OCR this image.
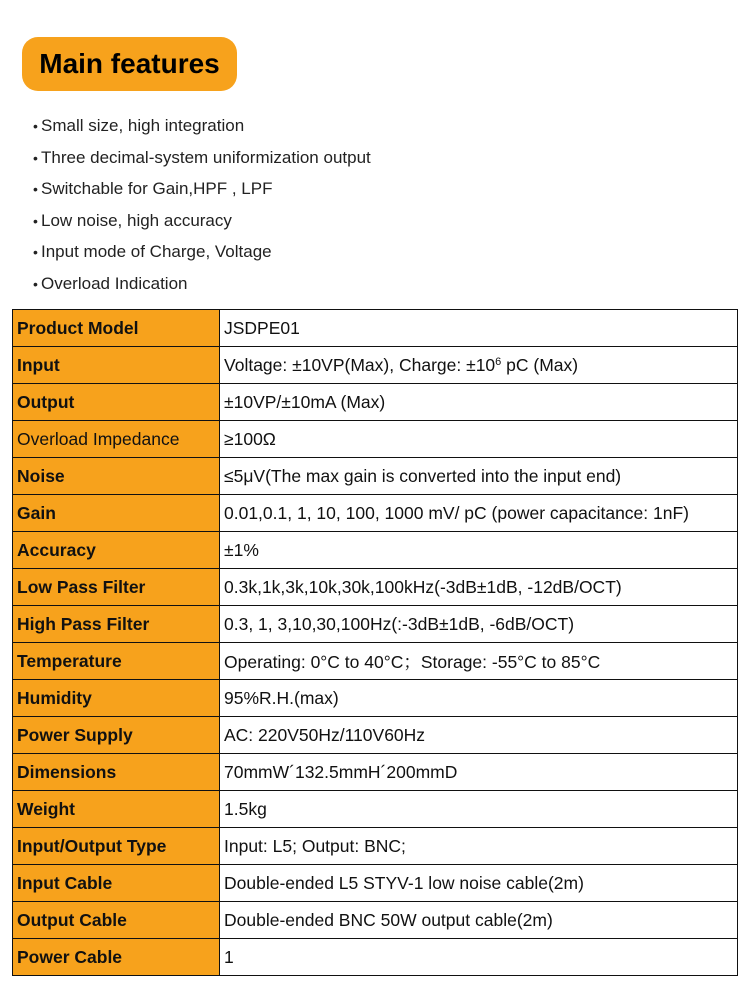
Main features
• Small size, high integration
• Three decimal-system uniformization output
• Switchable for Gain,HPF , LPF
• Low noise, high accuracy
• Input mode of Charge, Voltage
• Overload Indication
Product Model	JSDPE01
Input	Voltage: ±10VP(Max), Charge: $\pm 10^6$ pC (Max)
Output	±10VP/±10mA (Max)
Overload Impedance	≥100Ω
Noise	≤5μV(The max gain is converted into the input end)
Gain	0.01,0.1, 1, 10, 100, 1000 mV/ pC (power capacitance: 1nF)
Accuracy	±1%
Low Pass Filter	0.3k,1k,3k,10k,30k,100kHz(-3dB±1dB, -12dB/OCT)
High Pass Filter	0.3, 1, 3,10,30,100Hz(:-3dB±1dB, -6dB/OCT)
Temperature	Operating: 0°C to 40°C；Storage: -55°C to 85°C
Humidity	95%R.H.(max)
Power Supply	AC: 220V50Hz/110V60Hz
Dimensions	70mmW´132.5mmH´200mmD
Weight	1.5kg
Input/Output Type	Input: L5; Output: BNC;
Input Cable	Double-ended L5 STYV-1 low noise cable(2m)
Output Cable	Double-ended BNC 50W output cable(2m)
Power Cable	1
